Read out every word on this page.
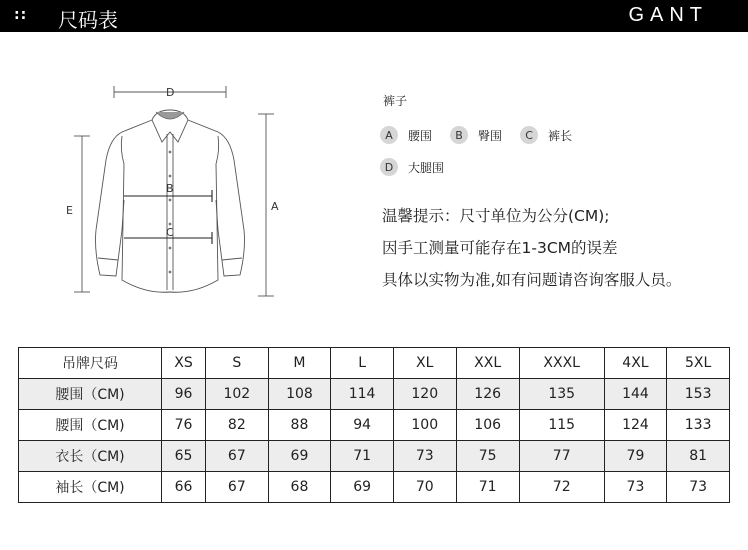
:: 尺码表	GANT
D
B
C
A
E
裤子
A	腰围	B	臀围	C	裤长
D	大腿围
温馨提示：尺寸单位为公分(CM);
因手工测量可能存在1-3CM的误差
具体以实物为准,如有问题请咨询客服人员。
吊牌尺码	XS	S	M	L	XL	XXL	XXXL	4XL	5XL
腰围（CM)	96	102	108	114	120	126	135	144	153
腰围（CM)	76	82	88	94	100	106	115	124	133
衣长（CM)	65	67	69	71	73	75	77	79	81
袖长（CM)	66	67	68	69	70	71	72	73	73
